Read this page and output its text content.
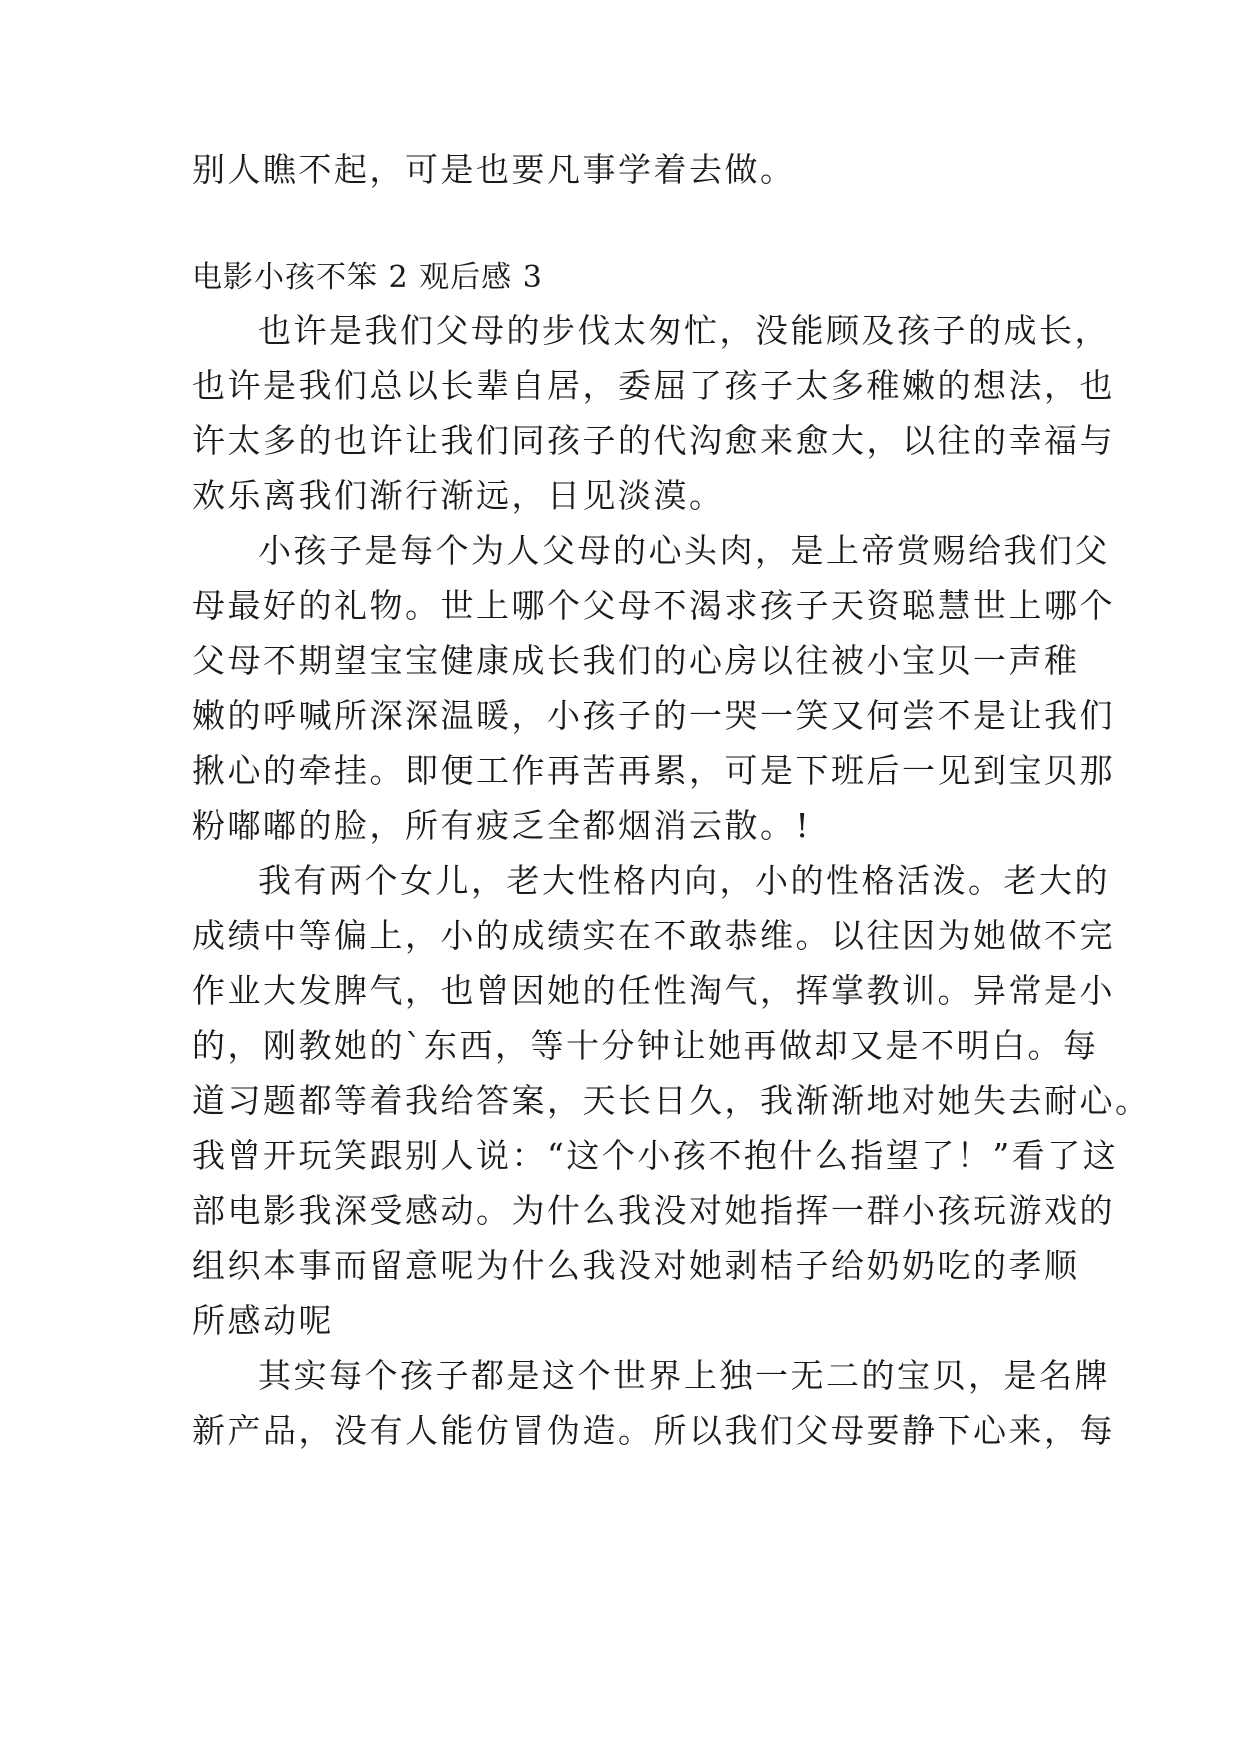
别人瞧不起，可是也要凡事学着去做。
电影小孩不笨 2 观后感 3
也许是我们父母的步伐太匆忙，没能顾及孩子的成长，
也许是我们总以长辈自居，委屈了孩子太多稚嫩的想法，也
许太多的也许让我们同孩子的代沟愈来愈大，以往的幸福与
欢乐离我们渐行渐远，日见淡漠。
小孩子是每个为人父母的心头肉，是上帝赏赐给我们父
母最好的礼物。世上哪个父母不渴求孩子天资聪慧世上哪个
父母不期望宝宝健康成长我们的心房以往被小宝贝一声稚
嫩的呼喊所深深温暖，小孩子的一哭一笑又何尝不是让我们
揪心的牵挂。即便工作再苦再累，可是下班后一见到宝贝那
粉嘟嘟的脸，所有疲乏全都烟消云散。!
我有两个女儿，老大性格内向，小的性格活泼。老大的
成绩中等偏上，小的成绩实在不敢恭维。以往因为她做不完
作业大发脾气，也曾因她的任性淘气，挥掌教训。异常是小
的，刚教她的`东西，等十分钟让她再做却又是不明白。每
道习题都等着我给答案，天长日久，我渐渐地对她失去耐心。
我曾开玩笑跟别人说：“这个小孩不抱什么指望了！”看了这
部电影我深受感动。为什么我没对她指挥一群小孩玩游戏的
组织本事而留意呢为什么我没对她剥桔子给奶奶吃的孝顺
所感动呢
其实每个孩子都是这个世界上独一无二的宝贝，是名牌
新产品，没有人能仿冒伪造。所以我们父母要静下心来，每
